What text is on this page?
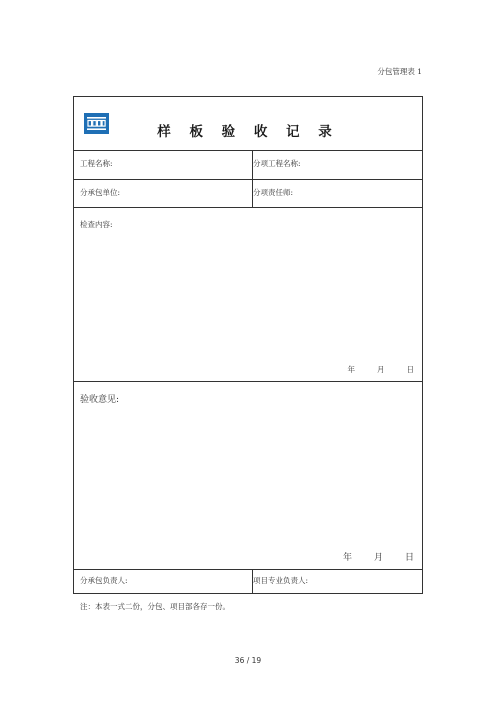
分包管理表 1
样 板 验 收 记 录
工程名称:	分项工程名称:
分承包单位:	分项责任师:
检查内容:
年	月	日
验收意见:
年 月 日
分承包负责人:	项目专业负责人:
注：本表一式二份，分包、项目部各存一份。
36 / 19
